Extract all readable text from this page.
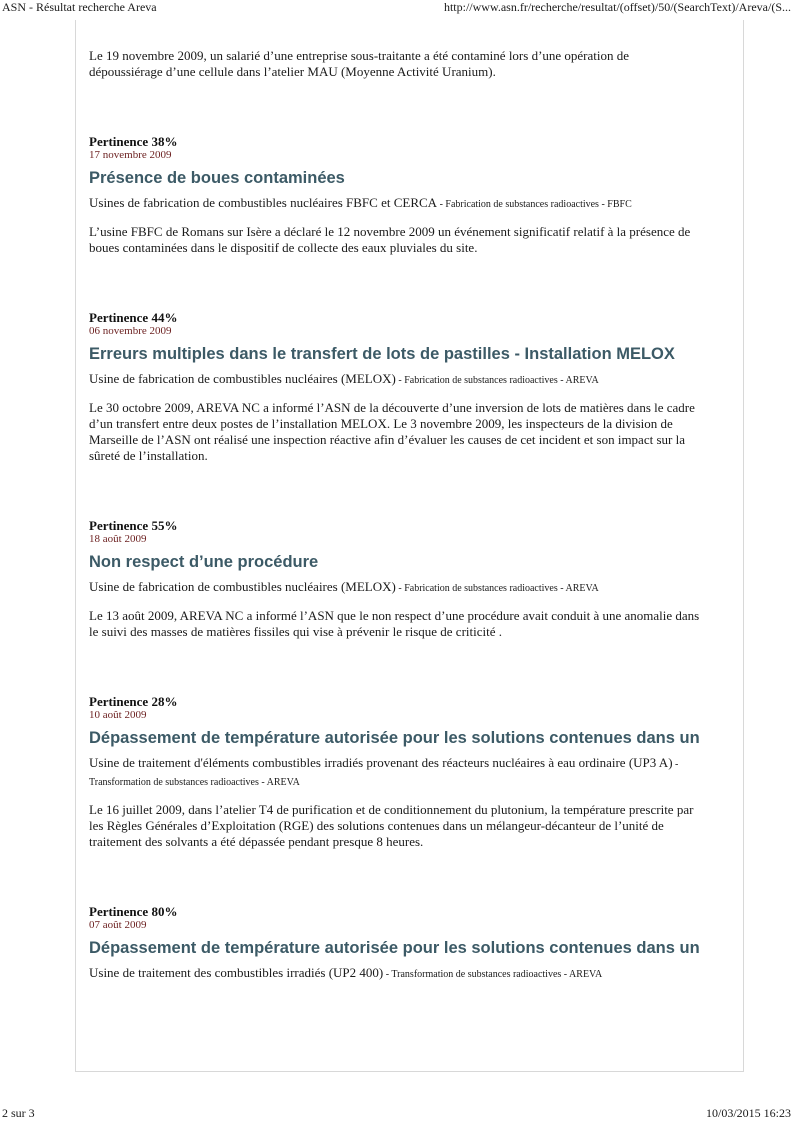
ASN - Résultat recherche Areva	http://www.asn.fr/recherche/resultat/(offset)/50/(SearchText)/Areva/(S...

Le 19 novembre 2009, un salarié d’une entreprise sous-traitante a été contaminé lors d’une opération de dépoussiérage d’une cellule dans l’atelier MAU (Moyenne Activité Uranium).

Pertinence 38%
17 novembre 2009
Présence de boues contaminées
Usines de fabrication de combustibles nucléaires FBFC et CERCA - Fabrication de substances radioactives - FBFC
L’usine FBFC de Romans sur Isère a déclaré le 12 novembre 2009 un événement significatif relatif à la présence de boues contaminées dans le dispositif de collecte des eaux pluviales du site.
Pertinence 44%
06 novembre 2009
Erreurs multiples dans le transfert de lots de pastilles - Installation MELOX
Usine de fabrication de combustibles nucléaires (MELOX) - Fabrication de substances radioactives - AREVA
Le 30 octobre 2009, AREVA NC a informé l’ASN de la découverte d’une inversion de lots de matières dans le cadre d’un transfert entre deux postes de l’installation MELOX. Le 3 novembre 2009, les inspecteurs de la division de Marseille de l’ASN ont réalisé une inspection réactive afin d’évaluer les causes de cet incident et son impact sur la sûreté de l’installation.
Pertinence 55%
18 août 2009
Non respect d’une procédure
Usine de fabrication de combustibles nucléaires (MELOX) - Fabrication de substances radioactives - AREVA
Le 13 août 2009, AREVA NC a informé l’ASN que le non respect d’une procédure avait conduit à une anomalie dans le suivi des masses de matières fissiles qui vise à prévenir le risque de criticité .
Pertinence 28%
10 août 2009
Dépassement de température autorisée pour les solutions contenues dans un
Usine de traitement d'éléments combustibles irradiés provenant des réacteurs nucléaires à eau ordinaire (UP3 A) - Transformation de substances radioactives - AREVA
Le 16 juillet 2009, dans l’atelier T4 de purification et de conditionnement du plutonium, la température prescrite par les Règles Générales d’Exploitation (RGE) des solutions contenues dans un mélangeur-décanteur de l’unité de traitement des solvants a été dépassée pendant presque 8 heures.
Pertinence 80%
07 août 2009
Dépassement de température autorisée pour les solutions contenues dans un
Usine de traitement des combustibles irradiés (UP2 400) - Transformation de substances radioactives - AREVA
2 sur 3	10/03/2015 16:23
